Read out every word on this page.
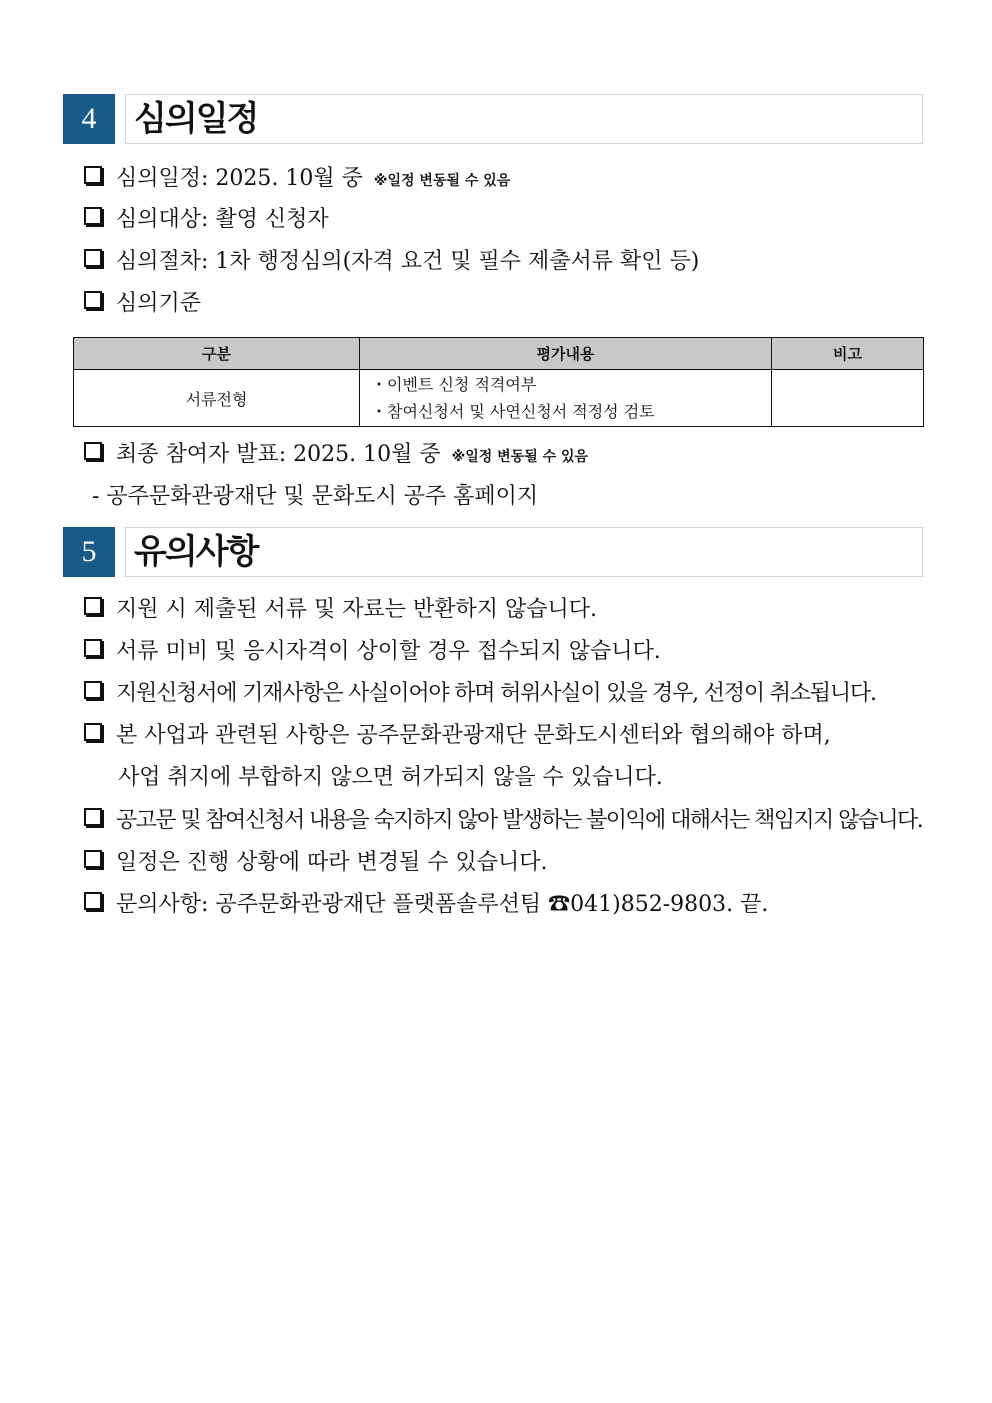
4	심의일정
심의일정: 2025. 10월 중 ※일정 변동될 수 있음
심의대상: 촬영 신청자
심의절차: 1차 행정심의(자격 요건 및 필수 제출서류 확인 등)
심의기준
구분	평가내용	비고
서류전형	・이벤트 신청 적격여부
・참여신청서 및 사연신청서 적정성 검토	

최종 참여자 발표: 2025. 10월 중 ※일정 변동될 수 있음
- 공주문화관광재단 및 문화도시 공주 홈페이지
5	유의사항
지원 시 제출된 서류 및 자료는 반환하지 않습니다.
서류 미비 및 응시자격이 상이할 경우 접수되지 않습니다.
지원신청서에 기재사항은 사실이어야 하며 허위사실이 있을 경우, 선정이 취소됩니다.
본 사업과 관련된 사항은 공주문화관광재단 문화도시센터와 협의해야 하며,
사업 취지에 부합하지 않으면 허가되지 않을 수 있습니다.
공고문 및 참여신청서 내용을 숙지하지 않아 발생하는 불이익에 대해서는 책임지지 않습니다.
일정은 진행 상황에 따라 변경될 수 있습니다.
문의사항: 공주문화관광재단 플랫폼솔루션팀 ☎041)852-9803. 끝.
